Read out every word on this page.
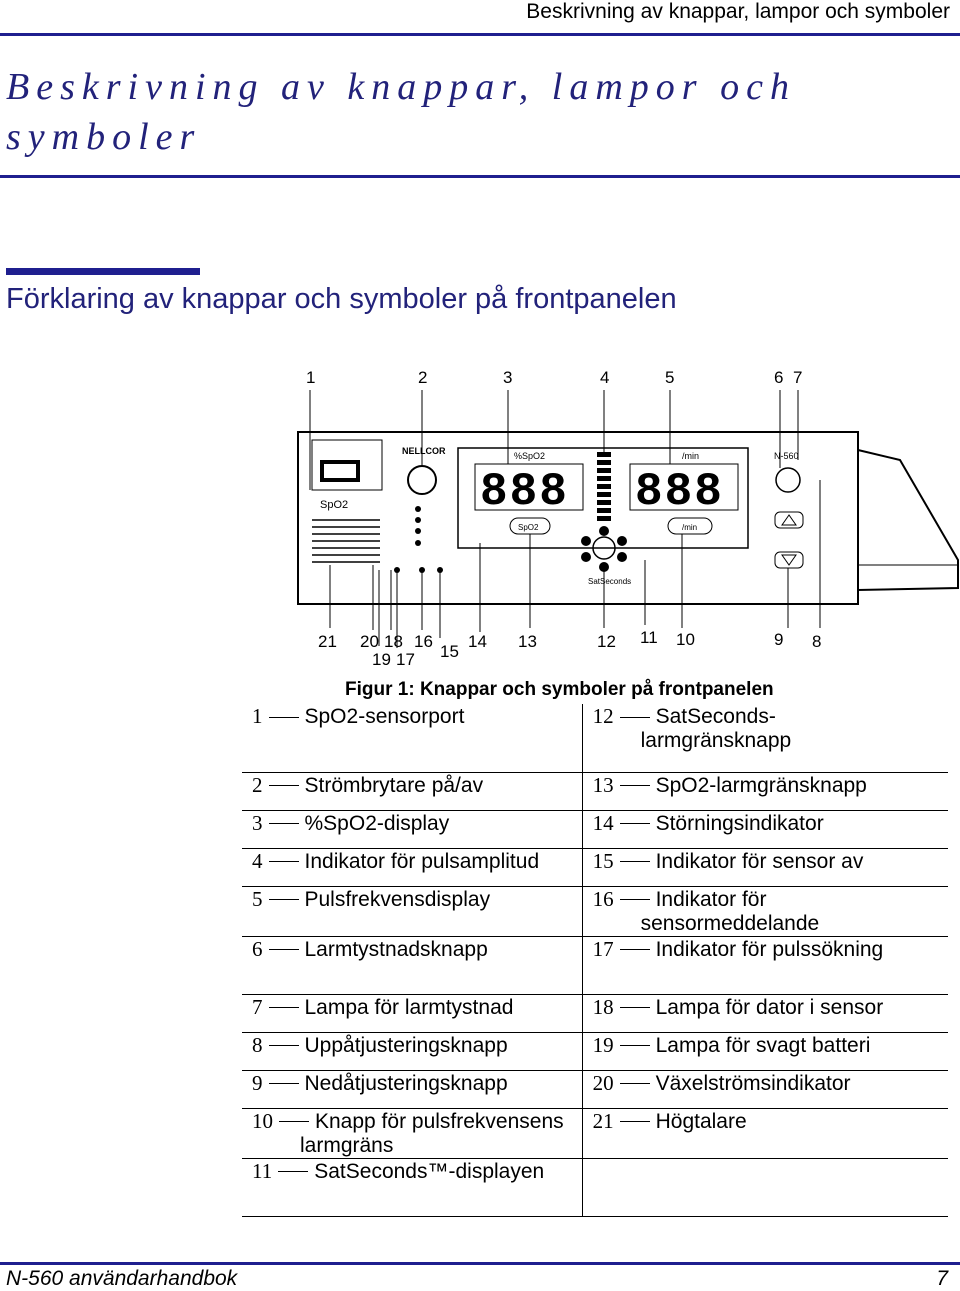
Beskrivning av knappar, lampor och symboler
Beskrivning av knappar, lampor och
symboler
Förklaring av knappar och symboler på frontpanelen
1	2	3	4	5	6 7
SpO2
NELLCOR	%SpO2	/min	N-560
888 888
SpO2	/min
SatSeconds
21 20 18 16
15
14 13	12 11 10	9 8
19 17
Figur 1: Knappar och symboler på frontpanelen
1 SpO2-sensorport	12 SatSeconds-
larmgränsknapp

2 Strömbrytare på/av	13 SpO2-larmgränsknapp
3 %SpO2-display	14 Störningsindikator
4 Indikator för pulsamplitud	15 Indikator för sensor av
5 Pulsfrekvensdisplay	16 Indikator för
sensormeddelande

6 Larmtystnadsknapp	17 Indikator för pulssökning
7 Lampa för larmtystnad	18 Lampa för dator i sensor
8 Uppåtjusteringsknapp	19 Lampa för svagt batteri
9 Nedåtjusteringsknapp	20 Växelströmsindikator
10 Knapp för pulsfrekvensens
larmgräns	21 Högtalare
11 SatSeconds™-displayen	
N-560 användarhandbok	7
